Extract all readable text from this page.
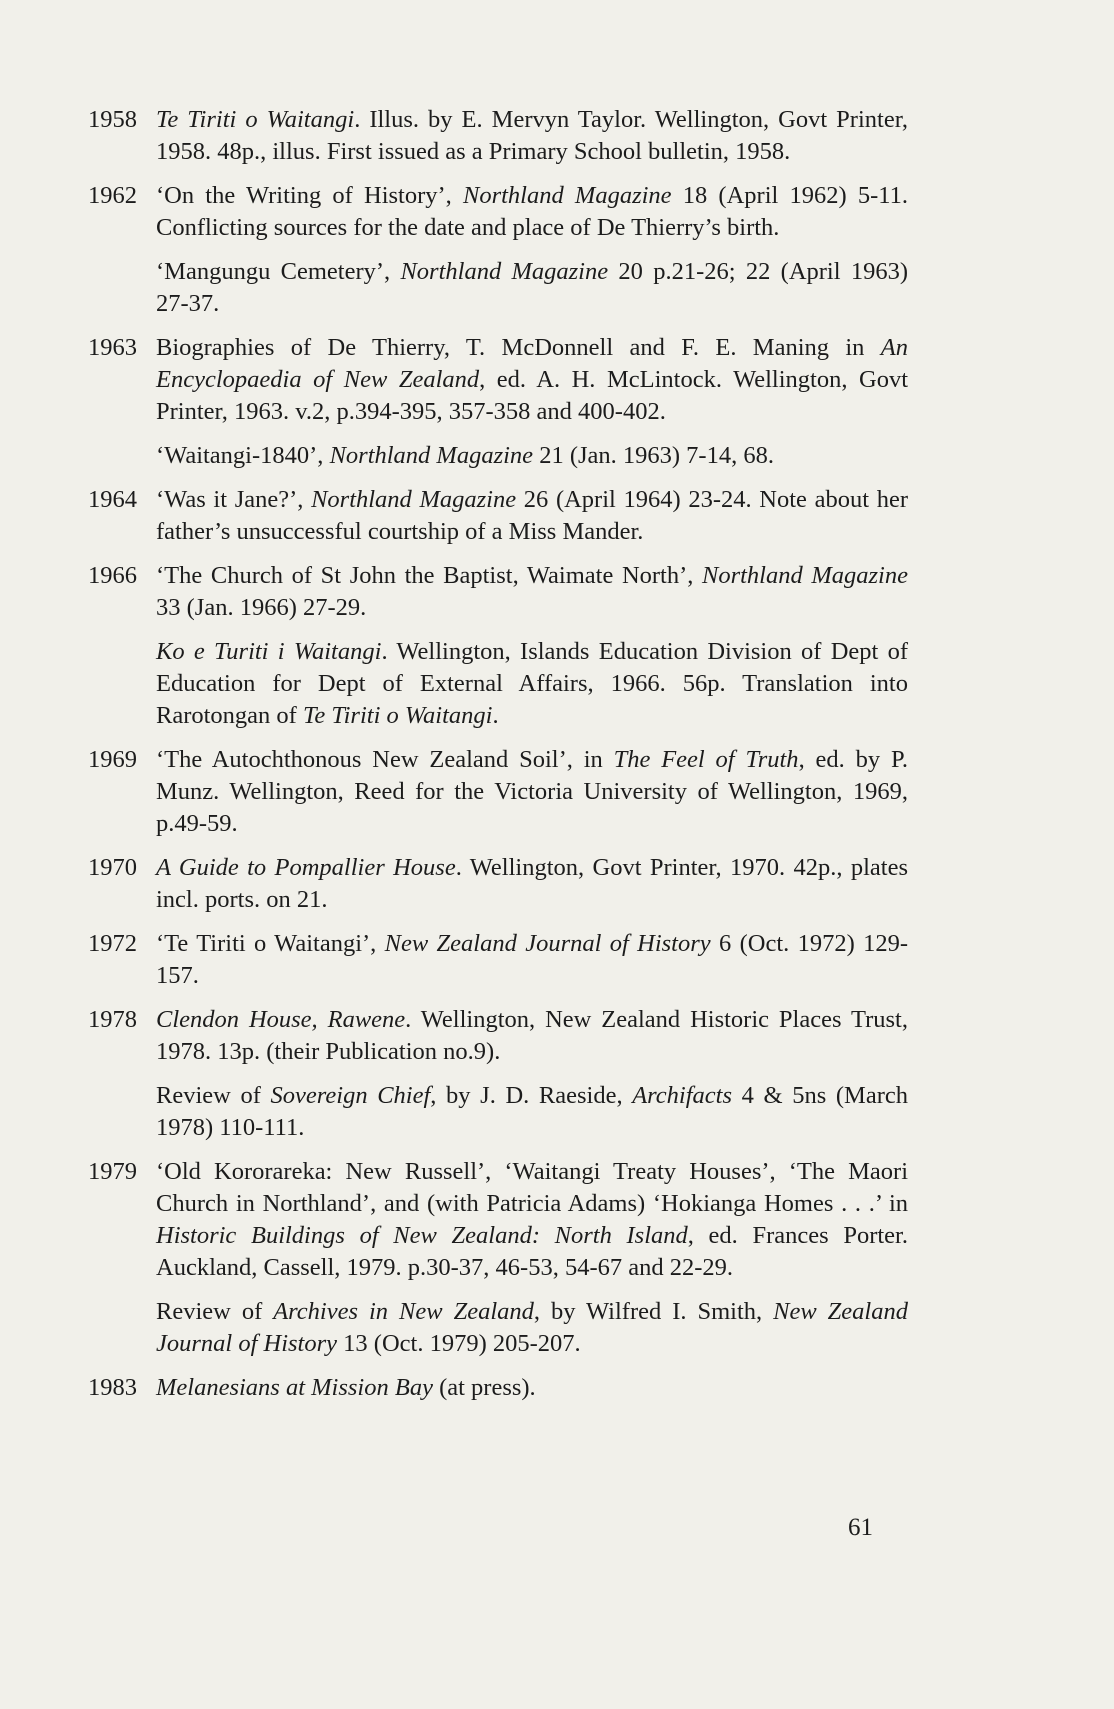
1958 Te Tiriti o Waitangi. Illus. by E. Mervyn Taylor. Wellington, Govt Printer, 1958. 48p., illus. First issued as a Primary School bulletin, 1958.

1962 ‘On the Writing of History’, Northland Magazine 18 (April 1962) 5-11. Conflicting sources for the date and place of De Thierry’s birth.

‘Mangungu Cemetery’, Northland Magazine 20 p.21-26; 22 (April 1963) 27-37.

1963 Biographies of De Thierry, T. McDonnell and F. E. Maning in An Encyclopaedia of New Zealand, ed. A. H. McLintock. Wellington, Govt Printer, 1963. v.2, p.394-395, 357-358 and 400-402.

‘Waitangi-1840’, Northland Magazine 21 (Jan. 1963) 7-14, 68.

1964 ‘Was it Jane?’, Northland Magazine 26 (April 1964) 23-24. Note about her father’s unsuccessful courtship of a Miss Mander.

1966 ‘The Church of St John the Baptist, Waimate North’, Northland Magazine 33 (Jan. 1966) 27-29.

Ko e Turiti i Waitangi. Wellington, Islands Education Division of Dept of Education for Dept of External Affairs, 1966. 56p. Translation into Rarotongan of Te Tiriti o Waitangi.

1969 ‘The Autochthonous New Zealand Soil’, in The Feel of Truth, ed. by P. Munz. Wellington, Reed for the Victoria University of Wellington, 1969, p.49-59.

1970 A Guide to Pompallier House. Wellington, Govt Printer, 1970. 42p., plates incl. ports. on 21.

1972 ‘Te Tiriti o Waitangi’, New Zealand Journal of History 6 (Oct. 1972) 129-157.

1978 Clendon House, Rawene. Wellington, New Zealand Historic Places Trust, 1978. 13p. (their Publication no.9).

Review of Sovereign Chief, by J. D. Raeside, Archifacts 4 & 5ns (March 1978) 110-111.

1979 ‘Old Kororareka: New Russell’, ‘Waitangi Treaty Houses’, ‘The Maori Church in Northland’, and (with Patricia Adams) ‘Hokianga Homes . . .’ in Historic Buildings of New Zealand: North Island, ed. Frances Porter. Auckland, Cassell, 1979. p.30-37, 46-53, 54-67 and 22-29.

Review of Archives in New Zealand, by Wilfred I. Smith, New Zealand Journal of History 13 (Oct. 1979) 205-207.

1983 Melanesians at Mission Bay (at press).

61
